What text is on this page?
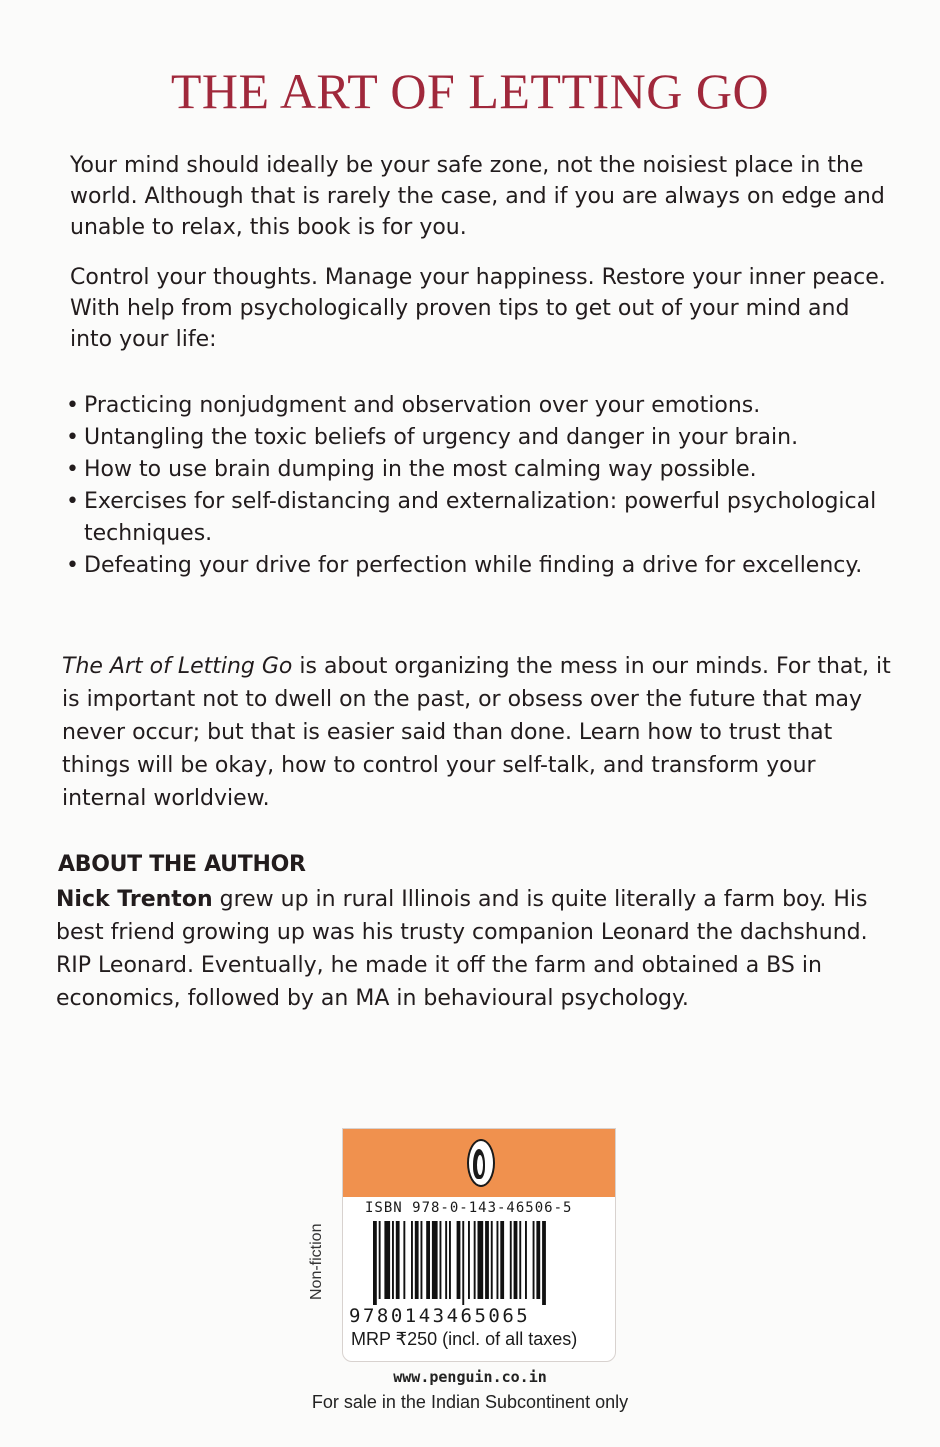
THE ART OF LETTING GO

Your mind should ideally be your safe zone, not the noisiest place in the world. Although that is rarely the case, and if you are always on edge and unable to relax, this book is for you.

Control your thoughts. Manage your happiness. Restore your inner peace. With help from psychologically proven tips to get out of your mind and into your life:

• Practicing nonjudgment and observation over your emotions.
• Untangling the toxic beliefs of urgency and danger in your brain.
• How to use brain dumping in the most calming way possible.
• Exercises for self-distancing and externalization: powerful psychological techniques.
• Defeating your drive for perfection while finding a drive for excellency.

The Art of Letting Go is about organizing the mess in our minds. For that, it is important not to dwell on the past, or obsess over the future that may never occur; but that is easier said than done. Learn how to trust that things will be okay, how to control your self-talk, and transform your internal worldview.

ABOUT THE AUTHOR

Nick Trenton grew up in rural Illinois and is quite literally a farm boy. His best friend growing up was his trusty companion Leonard the dachshund. RIP Leonard. Eventually, he made it off the farm and obtained a BS in economics, followed by an MA in behavioural psychology.

Non-fiction

ISBN 978-0-143-46506-5

9780143465065

MRP ₹250 (incl. of all taxes)

www.penguin.co.in

For sale in the Indian Subcontinent only
